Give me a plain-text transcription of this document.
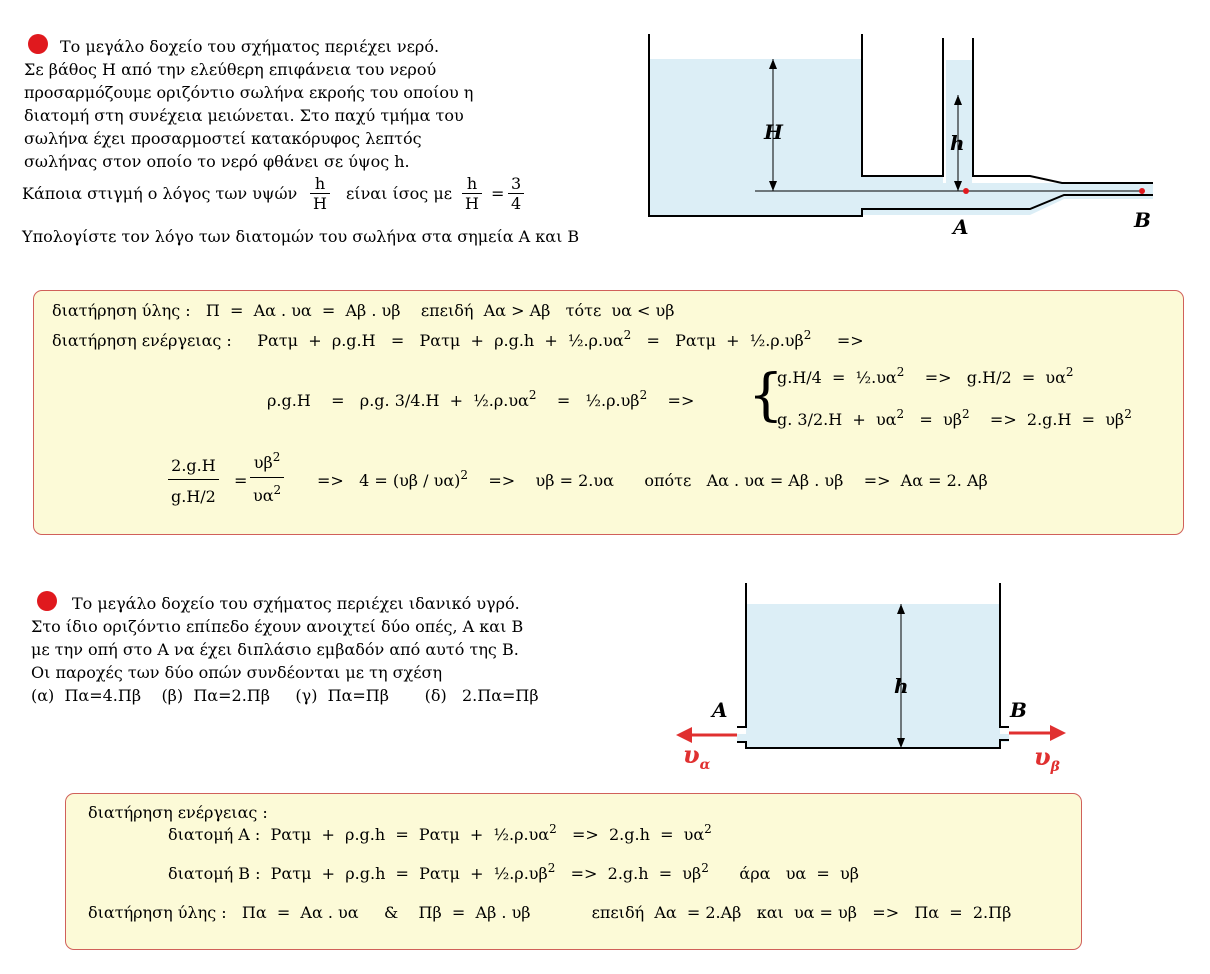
Το μεγάλο δοχείο του σχήματος περιέχει νερό.
Σε βάθος Η από την ελεύθερη επιφάνεια του νερού
προσαρμόζουμε οριζόντιο σωλήνα εκροής του οποίου η
διατομή στη συνέχεια μειώνεται. Στο παχύ τμήμα του
σωλήνα έχει προσαρμοστεί κατακόρυφος λεπτός
σωλήνας στον οποίο το νερό φθάνει σε ύψος h.
Κάποια στιγμή ο λόγος των υψών $\frac{h}{H}$ είναι ίσος με $\frac{h}{H} = \frac{3}{4}$
Υπολογίστε τον λόγο των διατομών του σωλήνα στα σημεία Α και Β
H	h
A	B
διατήρηση ύλης :   Π  =  Αα . υα  =  Αβ . υβ    επειδή  Αα > Αβ   τότε  υα < υβ
διατήρηση ενέργειας :     $P\alpha\tau\mu + \rho.g.H = P\alpha\tau\mu + \rho.g.h + \frac{1}{2}.\rho.\upsilon\alpha^2 = P\alpha\tau\mu$  +  $\frac{1}{2}.\rho.\upsilon\beta^2$     =>
ρ.g.Η    =   ρ.g. $3/4.H + \frac{1}{2}.\rho.\upsilon\alpha^2$    =   $\frac{1}{2}.\rho.\upsilon\beta^2$    => {
$g.H/4 = \frac{1}{2}.\upsilon\alpha^2$    =>   $g.H/2 = \upsilon\alpha^2$
g. $3/2.H + \upsilon\alpha^2 = \upsilon\beta^2$    =>  $2.g.H = \upsilon\beta^2$
$\frac{2.g.H}{g.H/2} = \frac{\upsilon\beta^2}{\upsilon\alpha^2} => 4 = (\upsilon\beta / \upsilon\alpha)^2$    =>    υβ = 2.υα      οπότε   Αα . υα = Αβ . υβ    =>  Αα = 2. Αβ
Το μεγάλο δοχείο του σχήματος περιέχει ιδανικό υγρό.
Στο ίδιο οριζόντιο επίπεδο έχουν ανοιχτεί δύο οπές, Α και Β
με την οπή στο Α να έχει διπλάσιο εμβαδόν από αυτό της Β.
Οι παροχές των δύο οπών συνδέονται με τη σχέση
(α)  Πα=4.Πβ    (β)  Πα=2.Πβ     (γ)  Πα=Πβ       (δ)   2.Πα=Πβ	h
A	B
$\upsilon_\alpha$	$\upsilon_\beta$
διατήρηση ενέργειας :
διατομή Α :  $P\alpha\tau\mu + \rho.g.h = P\alpha\tau\mu + \frac{1}{2}.\rho.\upsilon\alpha^2 => 2.g.h = \upsilon\alpha^2$
διατομή Β :  $P\alpha\tau\mu + \rho.g.h = P\alpha\tau\mu + \frac{1}{2}.\rho.\upsilon\beta^2 => 2.g.h = \upsilon\beta^2$      άρα   υα  =  υβ
διατήρηση ύλης :   Πα  =  Αα . υα     &    Πβ  =  Αβ . υβ            επειδή  Αα  = 2.Αβ   και  υα = υβ   =>   Πα  =  2.Πβ
